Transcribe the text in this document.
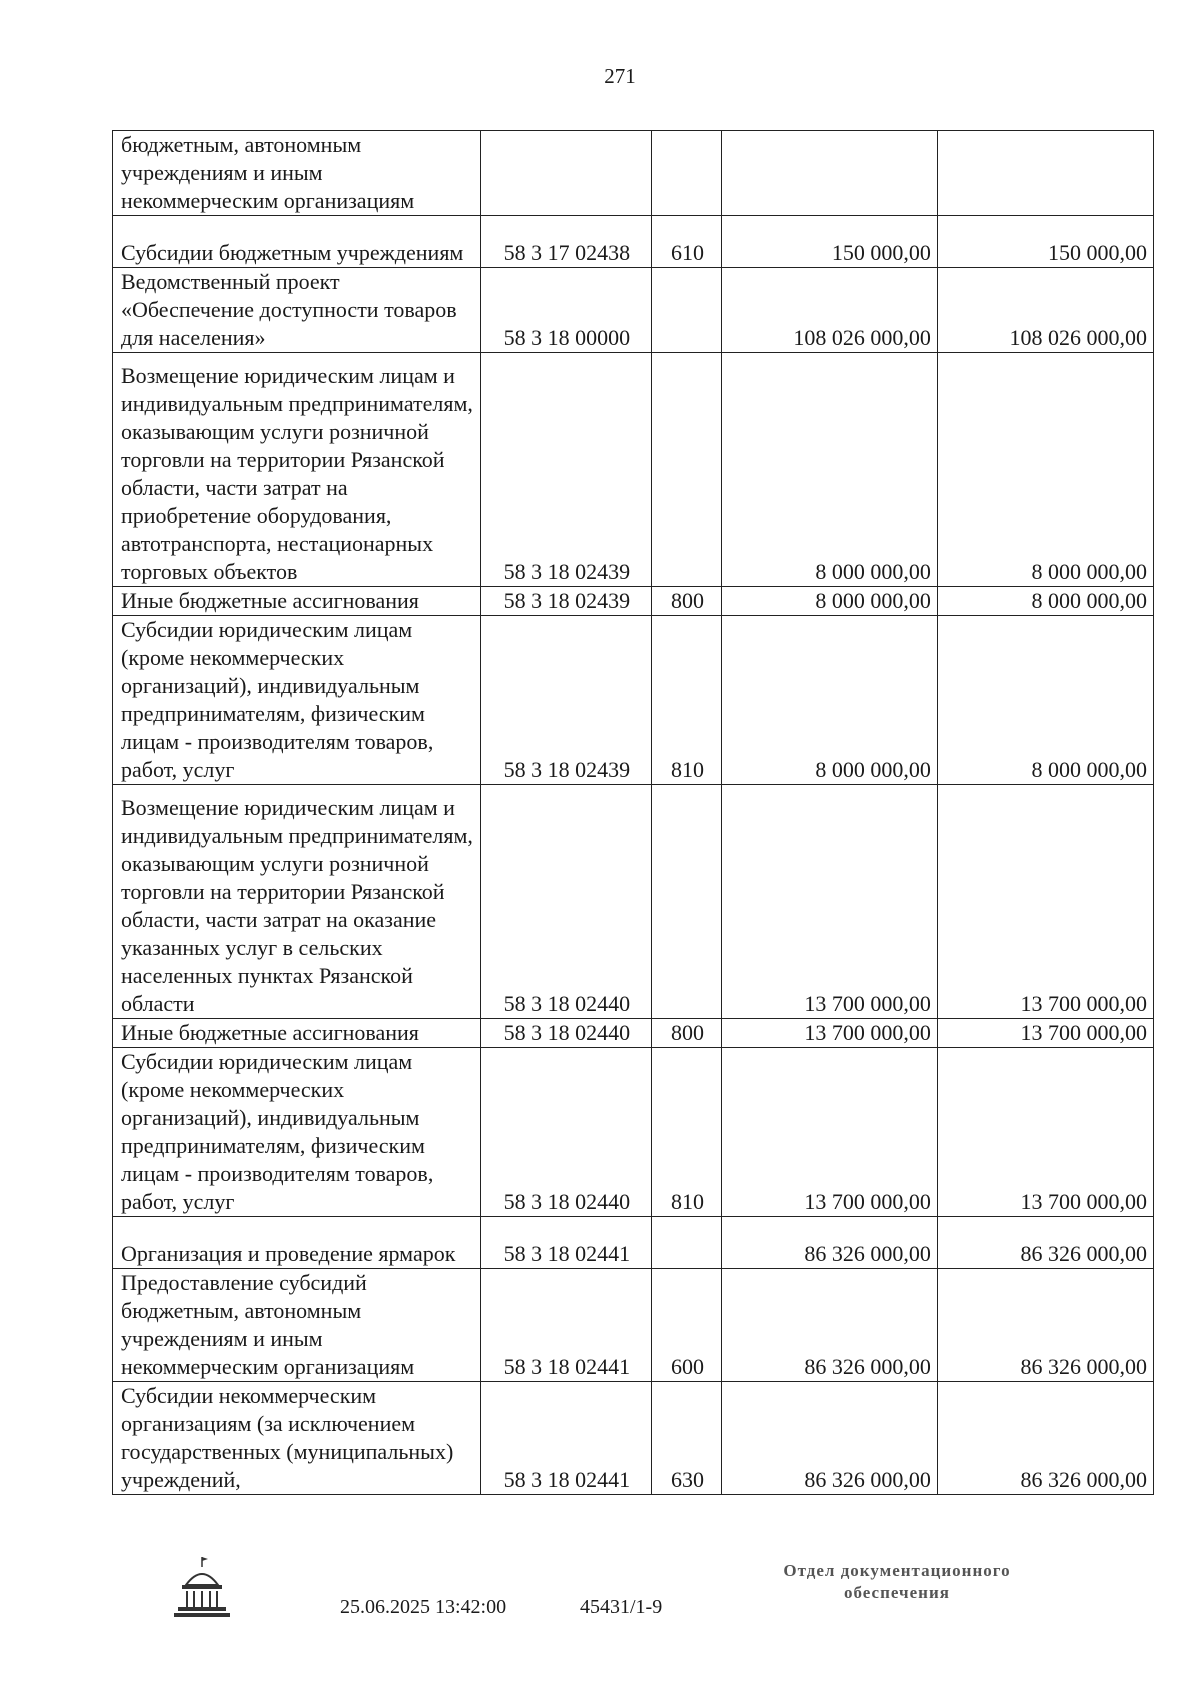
271
бюджетным, автономным учреждениям и иным некоммерческим организациям				
Субсидии бюджетным учреждениям	58 3 17 02438	610	150 000,00	150 000,00
Ведомственный проект «Обеспечение доступности товаров для населения»	58 3 18 00000		108 026 000,00	108 026 000,00
Возмещение юридическим лицам и индивидуальным предпринимателям, оказывающим услуги розничной торговли на территории Рязанской области, части затрат на приобретение оборудования, автотранспорта, нестационарных торговых объектов	58 3 18 02439		8 000 000,00	8 000 000,00
Иные бюджетные ассигнования	58 3 18 02439	800	8 000 000,00	8 000 000,00
Субсидии юридическим лицам (кроме некоммерческих организаций), индивидуальным предпринимателям, физическим лицам - производителям товаров, работ, услуг	58 3 18 02439	810	8 000 000,00	8 000 000,00
Возмещение юридическим лицам и индивидуальным предпринимателям, оказывающим услуги розничной торговли на территории Рязанской области, части затрат на оказание указанных услуг в сельских населенных пунктах Рязанской области	58 3 18 02440		13 700 000,00	13 700 000,00
Иные бюджетные ассигнования	58 3 18 02440	800	13 700 000,00	13 700 000,00
Субсидии юридическим лицам (кроме некоммерческих организаций), индивидуальным предпринимателям, физическим лицам - производителям товаров, работ, услуг	58 3 18 02440	810	13 700 000,00	13 700 000,00
Организация и проведение ярмарок	58 3 18 02441		86 326 000,00	86 326 000,00
Предоставление субсидий бюджетным, автономным учреждениям и иным некоммерческим организациям	58 3 18 02441	600	86 326 000,00	86 326 000,00
Субсидии некоммерческим организациям (за исключением государственных (муниципальных) учреждений,	58 3 18 02441	630	86 326 000,00	86 326 000,00
25.06.2025 13:42:00	45431/1-9
Отдел документационного
обеспечения
